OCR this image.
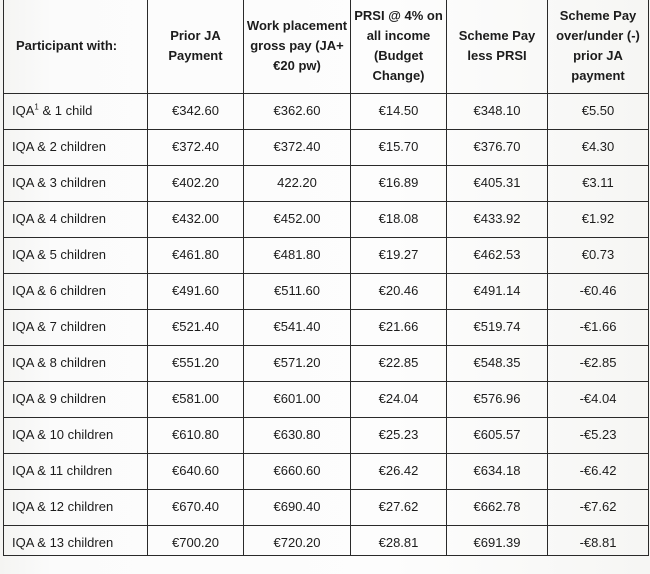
Participant with:	Prior JA Payment	Work placement gross pay (JA+€20 pw)	PRSI @ 4% on all income (Budget Change)	Scheme Pay less PRSI	Scheme Pay over/under (-) prior JA payment
IQA$^1$ & 1 child	€342.60	€362.60	€14.50	€348.10	€5.50
IQA & 2 children	€372.40	€372.40	€15.70	€376.70	€4.30
IQA & 3 children	€402.20	422.20	€16.89	€405.31	€3.11
IQA & 4 children	€432.00	€452.00	€18.08	€433.92	€1.92
IQA & 5 children	€461.80	€481.80	€19.27	€462.53	€0.73
IQA & 6 children	€491.60	€511.60	€20.46	€491.14	-€0.46
IQA & 7 children	€521.40	€541.40	€21.66	€519.74	-€1.66
IQA & 8 children	€551.20	€571.20	€22.85	€548.35	-€2.85
IQA & 9 children	€581.00	€601.00	€24.04	€576.96	-€4.04
IQA & 10 children	€610.80	€630.80	€25.23	€605.57	-€5.23
IQA & 11 children	€640.60	€660.60	€26.42	€634.18	-€6.42
IQA & 12 children	€670.40	€690.40	€27.62	€662.78	-€7.62
IQA & 13 children	€700.20	€720.20	€28.81	€691.39	-€8.81
